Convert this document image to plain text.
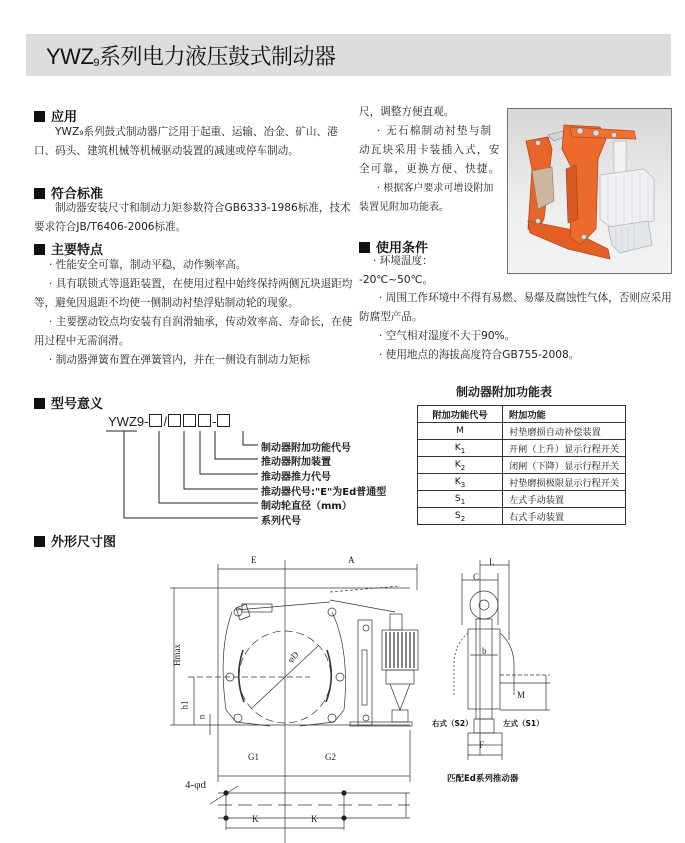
$YWZ_9$系列电力液压鼓式制动器
应用

YWZ₉系列鼓式制动器广泛用于起重、运输、冶金、矿山、港口、码头、建筑机械等机械驱动装置的减速或停车制动。

符合标准

制动器安装尺寸和制动力矩参数符合GB6333-1986标准，技术要求符合JB/T6406-2006标准。

主要特点

· 性能安全可靠，制动平稳，动作频率高。

· 具有联锁式等退距装置，在使用过程中始终保持两侧瓦块退距均等，避免因退距不均使一侧制动衬垫浮贴制动轮的现象。

· 主要摆动铰点均安装有自润滑轴承，传动效率高、寿命长，在使用过程中无需润滑。

· 制动器弹簧布置在弹簧管内，并在一侧设有制动力矩标

尺，调整方便直观。

· 无石棉制动衬垫与制动瓦块采用卡装插入式，安全可靠，更换方便、快捷。

· 根据客户要求可增设附加装置见附加功能表。

使用条件

· 环境温度：

-20℃~50℃。

· 周围工作环境中不得有易燃、易爆及腐蚀性气体，否则应采用防腐型产品。

· 空气相对湿度不大于90%。

· 使用地点的海拔高度符合GB755-2008。

制动器附加功能表
附加功能代号	附加功能
M	衬垫磨损自动补偿装置
$K_1$	开闸（上升）显示行程开关
$K_2$	闭闸（下降）显示行程开关
$K_3$	衬垫磨损极限显示行程开关
$S_1$	左式手动装置
$S_2$	右式手动装置
型号意义
YWZ9- /	-
制动器附加功能代号
推动器附加装置
推动器推力代号
推动器代号:"E"为Ed普通型
制动轮直径（mm）
系列代号
外形尺寸图
E	A
Hmax
h1
n
φD
G1	G2
4-φd
K	K
L
C
b
M
F
右式（S2）	左式（S1）
匹配Ed系列推动器
